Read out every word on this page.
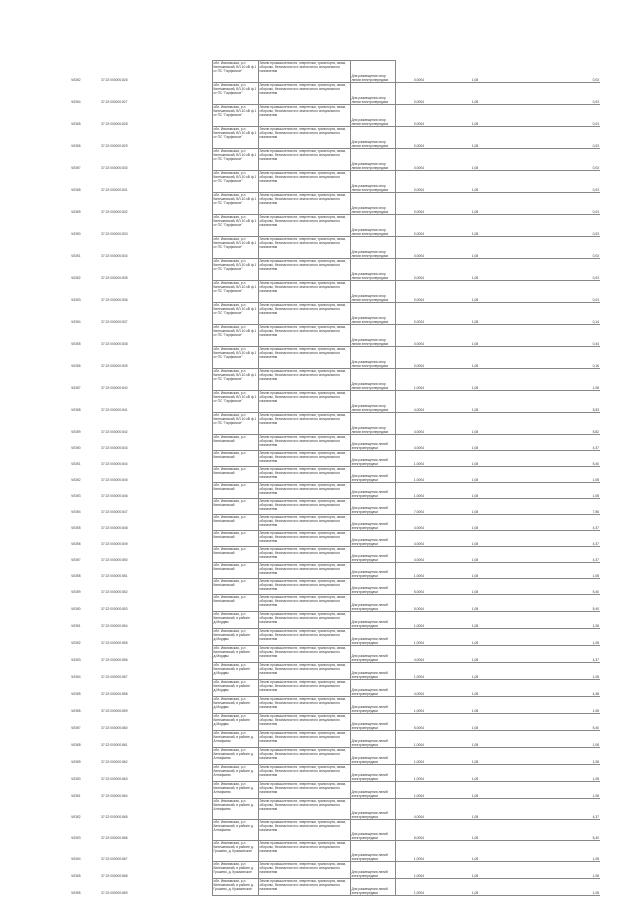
Чб3б2	37:22:000000:826	обл. Ивановская, р-н Кинешемский, ВЛ-10 кВ ф.1 от ПС "Гарфинкое"	Земли промышленности, энергетики, транспорта, связи, обороны, безопасности и земли иного специального назначения	Для размещения опор линии электропередачи	0,0004	1,08	0,03
Чб3б4	37:22:000000:827	обл. Ивановская, р-н Кинешемский, ВЛ-10 кВ ф.1 от ПС "Гарфинкое"	Земли промышленности, энергетики, транспорта, связи, обороны, безопасности и земли иного специального назначения	Для размещения опор линии электропередачи	0,0004	1,08	0,03
Чб3б5	37:22:000000:828	обл. Ивановская, р-н Кинешемский, ВЛ-10 кВ ф.1 от ПС "Гарфинкое"	Земли промышленности, энергетики, транспорта, связи, обороны, безопасности и земли иного специального назначения	Для размещения опор линии электропередачи	0,0004	1,08	0,03
Чб3б6	37:22:000000:829	обл. Ивановская, р-н Кинешемский, ВЛ-10 кВ ф.1 от ПС "Гарфинкое"	Земли промышленности, энергетики, транспорта, связи, обороны, безопасности и земли иного специального назначения	Для размещения опор линии электропередачи	0,0004	1,08	0,03
Чб3б7	37:22:000000:830	обл. Ивановская, р-н Кинешемский, ВЛ-10 кВ ф.1 от ПС "Гарфинкое"	Земли промышленности, энергетики, транспорта, связи, обороны, безопасности и земли иного специального назначения	Для размещения опор линии электропередачи	0,0004	1,08	0,03
Чб3б8	37:22:000000:831	обл. Ивановская, р-н Кинешемский, ВЛ-10 кВ ф.1 от ПС "Гарфинкое"	Земли промышленности, энергетики, транспорта, связи, обороны, безопасности и земли иного специального назначения	Для размещения опор линии электропередачи	0,0004	1,08	0,03
Чб3б9	37:22:000000:832	обл. Ивановская, р-н Кинешемский, ВЛ-10 кВ ф.1 от ПС "Гарфинкое"	Земли промышленности, энергетики, транспорта, связи, обороны, безопасности и земли иного специального назначения	Для размещения опор линии электропередачи	0,0004	1,08	0,03
Чб3б0	37:22:000000:833	обл. Ивановская, р-н Кинешемский, ВЛ-10 кВ ф.1 от ПС "Гарфинкое"	Земли промышленности, энергетики, транспорта, связи, обороны, безопасности и земли иного специального назначения	Для размещения опор линии электропередачи	0,0004	1,08	0,03
Чб3б1	37:22:000000:834	обл. Ивановская, р-н Кинешемский, ВЛ-10 кВ ф.1 от ПС "Гарфинкое"	Земли промышленности, энергетики, транспорта, связи, обороны, безопасности и земли иного специального назначения	Для размещения опор линии электропередачи	0,0004	1,08	0,03
Чб3б2	37:22:000000:835	обл. Ивановская, р-н Кинешемский, ВЛ-10 кВ ф.1 от ПС "Гарфинкое"	Земли промышленности, энергетики, транспорта, связи, обороны, безопасности и земли иного специального назначения	Для размещения опор линии электропередачи	0,0004	1,08	0,03
Чб3б3	37:22:000000:836	обл. Ивановская, р-н Кинешемский, ВЛ-10 кВ ф.1 от ПС "Гарфинкое"	Земли промышленности, энергетики, транспорта, связи, обороны, безопасности и земли иного специального назначения	Для размещения опор линии электропередачи	0,0004	1,08	0,03
Чб3б4	37:22:000000:837	обл. Ивановская, р-н Кинешемский, ВЛ-10 кВ ф.1 от ПС "Гарфинкое"	Земли промышленности, энергетики, транспорта, связи, обороны, безопасности и земли иного специального назначения	Для размещения опор линии электропередачи	0,0024	1,08	0,14
Чб3б5	37:22:000000:838	обл. Ивановская, р-н Кинешемский, ВЛ-10 кВ ф.1 от ПС "Гарфинкое"	Земли промышленности, энергетики, транспорта, связи, обороны, безопасности и земли иного специального назначения	Для размещения опор линии электропередачи	0,0004	1,08	0,44
Чб3б6	37:22:000000:839	обл. Ивановская, р-н Кинешемский, ВЛ-10 кВ ф.1 от ПС "Гарфинкое"	Земли промышленности, энергетики, транспорта, связи, обороны, безопасности и земли иного специального назначения	Для размещения опор линии электропередачи	0,0004	1,08	0,16
Чб3б7	37:22:000000:840	обл. Ивановская, р-н Кинешемский, ВЛ-10 кВ ф.1 от ПС "Гарфинкое"	Земли промышленности, энергетики, транспорта, связи, обороны, безопасности и земли иного специального назначения	Для размещения опор линии электропередачи	1,0004	1,08	1,08
Чб3б8	37:22:000000:841	обл. Ивановская, р-н Кинешемский, ВЛ-10 кВ ф.1 от ПС "Гарфинкое"	Земли промышленности, энергетики, транспорта, связи, обороны, безопасности и земли иного специального назначения	Для размещения опор линии электропередачи	4,0004	1,08	5,53
Чб3б9	37:22:000000:842	обл. Ивановская, р-н Кинешемский, ВЛ-10 кВ ф.1 от ПС "Гарфинкое"	Земли промышленности, энергетики, транспорта, связи, обороны, безопасности и земли иного специального назначения	Для размещения опор линии электропередачи	4,0004	1,08	5,82
Чб3б0	37:22:000000:843	обл. Ивановская, р-н Кинешемский	Земли промышленности, энергетики, транспорта, связи, обороны, безопасности и земли иного специального назначения	Для размещения линий электропередачи	4,0004	1,08	4,37
Чб3б1	37:22:000000:844	обл. Ивановская, р-н Кинешемский	Земли промышленности, энергетики, транспорта, связи, обороны, безопасности и земли иного специального назначения	Для размещения линий электропередачи	1,0004	1,08	5,40
Чб3б2	37:22:000000:845	обл. Ивановская, р-н Кинешемский	Земли промышленности, энергетики, транспорта, связи, обороны, безопасности и земли иного специального назначения	Для размещения линий электропередачи	1,0004	1,08	1,08
Чб3б3	37:22:000000:846	обл. Ивановская, р-н Кинешемский	Земли промышленности, энергетики, транспорта, связи, обороны, безопасности и земли иного специального назначения	Для размещения линий электропередачи	1,0004	1,08	1,08
Чб3б4	37:22:000000:847	обл. Ивановская, р-н Кинешемский	Земли промышленности, энергетики, транспорта, связи, обороны, безопасности и земли иного специального назначения	Для размещения линий электропередачи	7,0004	1,08	7,56
Чб3б5	37:22:000000:848	обл. Ивановская, р-н Кинешемский	Земли промышленности, энергетики, транспорта, связи, обороны, безопасности и земли иного специального назначения	Для размещения линий электропередачи	4,0004	1,08	4,37
Чб3б6	37:22:000000:849	обл. Ивановская, р-н Кинешемский	Земли промышленности, энергетики, транспорта, связи, обороны, безопасности и земли иного специального назначения	Для размещения линий электропередачи	4,0004	1,08	4,37
Чб3б7	37:22:000000:850	обл. Ивановская, р-н Кинешемский	Земли промышленности, энергетики, транспорта, связи, обороны, безопасности и земли иного специального назначения	Для размещения линий электропередачи	4,0004	1,08	4,37
Чб3б8	37:22:000000:851	обл. Ивановская, р-н Кинешемский	Земли промышленности, энергетики, транспорта, связи, обороны, безопасности и земли иного специального назначения	Для размещения линий электропередачи	1,0004	1,08	1,08
Чб3б9	37:22:000000:852	обл. Ивановская, р-н Кинешемский	Земли промышленности, энергетики, транспорта, связи, обороны, безопасности и земли иного специального назначения	Для размещения линий электропередачи	5,0004	1,08	5,40
Чб3б0	37:22:000000:853	обл. Ивановская, р-н Кинешемский	Земли промышленности, энергетики, транспорта, связи, обороны, безопасности и земли иного специального назначения	Для размещения линий электропередачи	5,0004	1,08	5,40
Чб3б1	37:22:000000:854	обл. Ивановская, р-н Кинешемский, в районе д.Мордвы	Земли промышленности, энергетики, транспорта, связи, обороны, безопасности и земли иного специального назначения	Для размещения линий электропередачи	1,0004	1,08	1,08
Чб3б2	37:22:000000:855	обл. Ивановская, р-н Кинешемский, в районе д.Мордвы	Земли промышленности, энергетики, транспорта, связи, обороны, безопасности и земли иного специального назначения	Для размещения линий электропередачи	1,0004	1,08	1,08
Чб3б3	37:22:000000:856	обл. Ивановская, р-н Кинешемский, в районе д.Мордвы	Земли промышленности, энергетики, транспорта, связи, обороны, безопасности и земли иного специального назначения	Для размещения линий электропередачи	4,0004	1,08	4,37
Чб3б4	37:22:000000:857	обл. Ивановская, р-н Кинешемский, в районе д.Мордвы	Земли промышленности, энергетики, транспорта, связи, обороны, безопасности и земли иного специального назначения	Для размещения линий электропередачи	1,0004	1,08	1,08
Чб3б5	37:22:000000:858	обл. Ивановская, р-н Кинешемский, в районе д.Мордвы	Земли промышленности, энергетики, транспорта, связи, обороны, безопасности и земли иного специального назначения	Для размещения линий электропередачи	4,0004	1,08	4,48
Чб3б6	37:22:000000:859	обл. Ивановская, р-н Кинешемский, в районе д.Мордвы	Земли промышленности, энергетики, транспорта, связи, обороны, безопасности и земли иного специального назначения	Для размещения линий электропередачи	1,0004	1,08	1,08
Чб3б7	37:22:000000:860	обл. Ивановская, р-н Кинешемский, в районе д.Мордвы	Земли промышленности, энергетики, транспорта, связи, обороны, безопасности и земли иного специального назначения	Для размещения линий электропередачи	5,0004	1,08	5,40
Чб3б8	37:22:000000:861	обл. Ивановская, р-н Кинешемский, в районе д. Алтафьево	Земли промышленности, энергетики, транспорта, связи, обороны, безопасности и земли иного специального назначения	Для размещения линий электропередачи	1,0004	1,08	1,08
Чб3б9	37:22:000000:862	обл. Ивановская, р-н Кинешемский, в районе д. Алтафьево	Земли промышленности, энергетики, транспорта, связи, обороны, безопасности и земли иного специального назначения	Для размещения линий электропередачи	1,0004	1,08	1,08
Чб3б0	37:22:000000:863	обл. Ивановская, р-н Кинешемский, в районе д. Алтафьево	Земли промышленности, энергетики, транспорта, связи, обороны, безопасности и земли иного специального назначения	Для размещения линий электропередачи	1,0004	1,08	1,08
Чб3б1	37:22:000000:864	обл. Ивановская, р-н Кинешемский, в районе д. Алтафьево	Земли промышленности, энергетики, транспорта, связи, обороны, безопасности и земли иного специального назначения	Для размещения линий электропередачи	1,0004	1,08	1,08
Чб3б2	37:22:000000:865	обл. Ивановская, р-н Кинешемский, в районе д. Алтафьево	Земли промышленности, энергетики, транспорта, связи, обороны, безопасности и земли иного специального назначения	Для размещения линий электропередачи	4,0004	1,08	4,37
Чб3б3	37:22:000000:866	обл. Ивановская, р-н Кинешемский, в районе д. Алтафьево	Земли промышленности, энергетики, транспорта, связи, обороны, безопасности и земли иного специального назначения	Для размещения линий электропередачи	5,0004	1,08	5,40
Чб3б4	37:22:000000:867	обл. Ивановская, р-н Кинешемский, в районе д. Грошево, д. Кузьминское	Земли промышленности, энергетики, транспорта, связи, обороны, безопасности и земли иного специального назначения	Для размещения линий электропередачи	1,0004	1,08	1,08
Чб3б5	37:22:000000:868	обл. Ивановская, р-н Кинешемский, в районе д. Грошево, д. Кузьминское	Земли промышленности, энергетики, транспорта, связи, обороны, безопасности и земли иного специального назначения	Для размещения линий электропередачи	1,0004	1,08	1,08
Чб3б6	37:22:000000:869	обл. Ивановская, р-н Кинешемский, в районе д. Грошево, д. Кузьминское	Земли промышленности, энергетики, транспорта, связи, обороны, безопасности и земли иного специального назначения	Для размещения линий электропередачи	1,0004	1,08	1,08
